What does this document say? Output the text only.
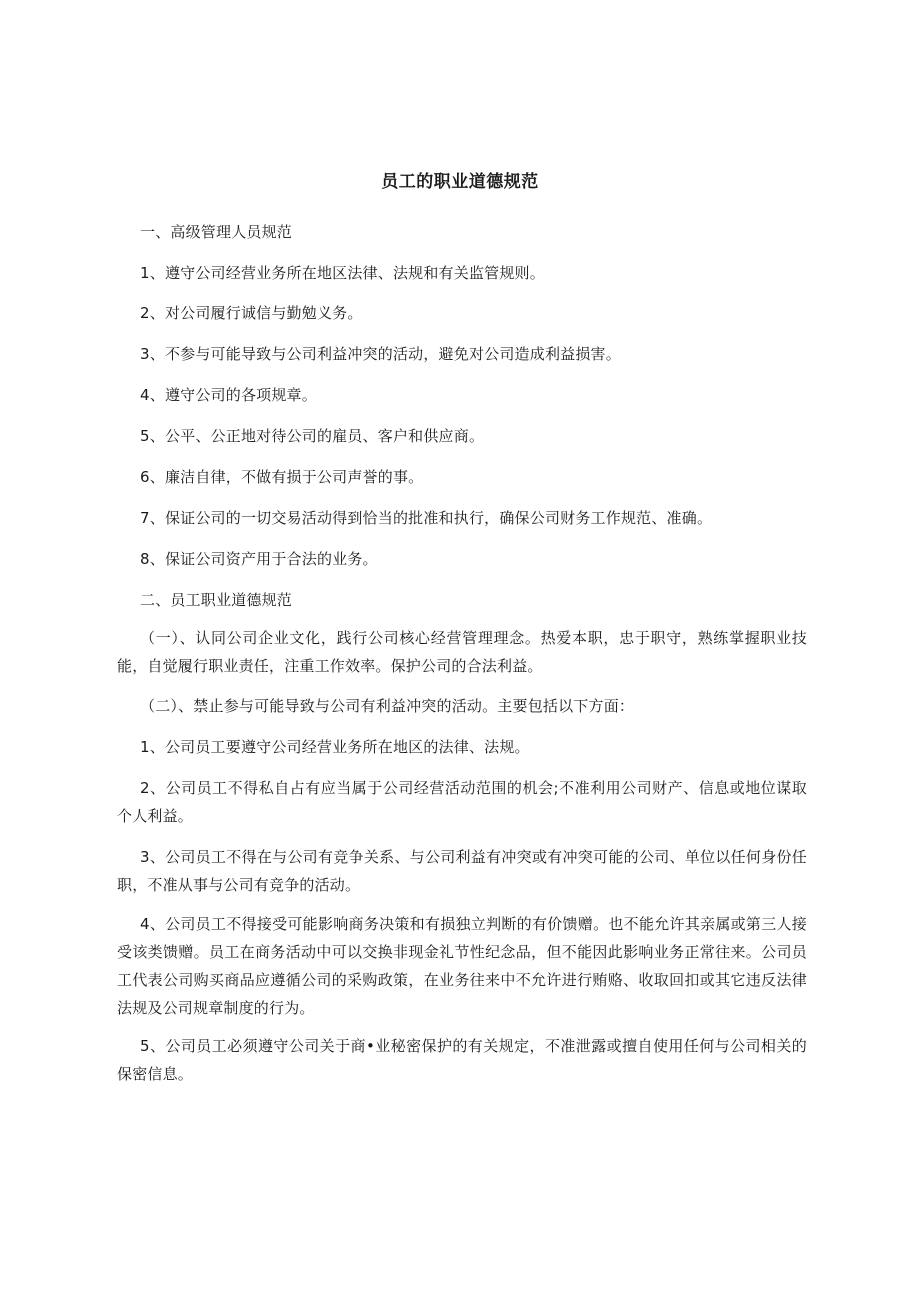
员工的职业道德规范
一、高级管理人员规范
1、遵守公司经营业务所在地区法律、法规和有关监管规则。
2、对公司履行诚信与勤勉义务。
3、不参与可能导致与公司利益冲突的活动，避免对公司造成利益损害。
4、遵守公司的各项规章。
5、公平、公正地对待公司的雇员、客户和供应商。
6、廉洁自律，不做有损于公司声誉的事。
7、保证公司的一切交易活动得到恰当的批准和执行，确保公司财务工作规范、准确。
8、保证公司资产用于合法的业务。
二、员工职业道德规范
（一）、认同公司企业文化，践行公司核心经营管理理念。热爱本职，忠于职守，熟练掌握职业技能，自觉履行职业责任，注重工作效率。保护公司的合法利益。
（二）、禁止参与可能导致与公司有利益冲突的活动。主要包括以下方面：
1、公司员工要遵守公司经营业务所在地区的法律、法规。
2、公司员工不得私自占有应当属于公司经营活动范围的机会;不准利用公司财产、信息或地位谋取个人利益。
3、公司员工不得在与公司有竞争关系、与公司利益有冲突或有冲突可能的公司、单位以任何身份任职，不准从事与公司有竞争的活动。
4、公司员工不得接受可能影响商务决策和有损独立判断的有价馈赠。也不能允许其亲属或第三人接受该类馈赠。员工在商务活动中可以交换非现金礼节性纪念品，但不能因此影响业务正常往来。公司员工代表公司购买商品应遵循公司的采购政策，在业务往来中不允许进行贿赂、收取回扣或其它违反法律法规及公司规章制度的行为。
5、公司员工必须遵守公司关于商•业秘密保护的有关规定，不准泄露或擅自使用任何与公司相关的保密信息。
